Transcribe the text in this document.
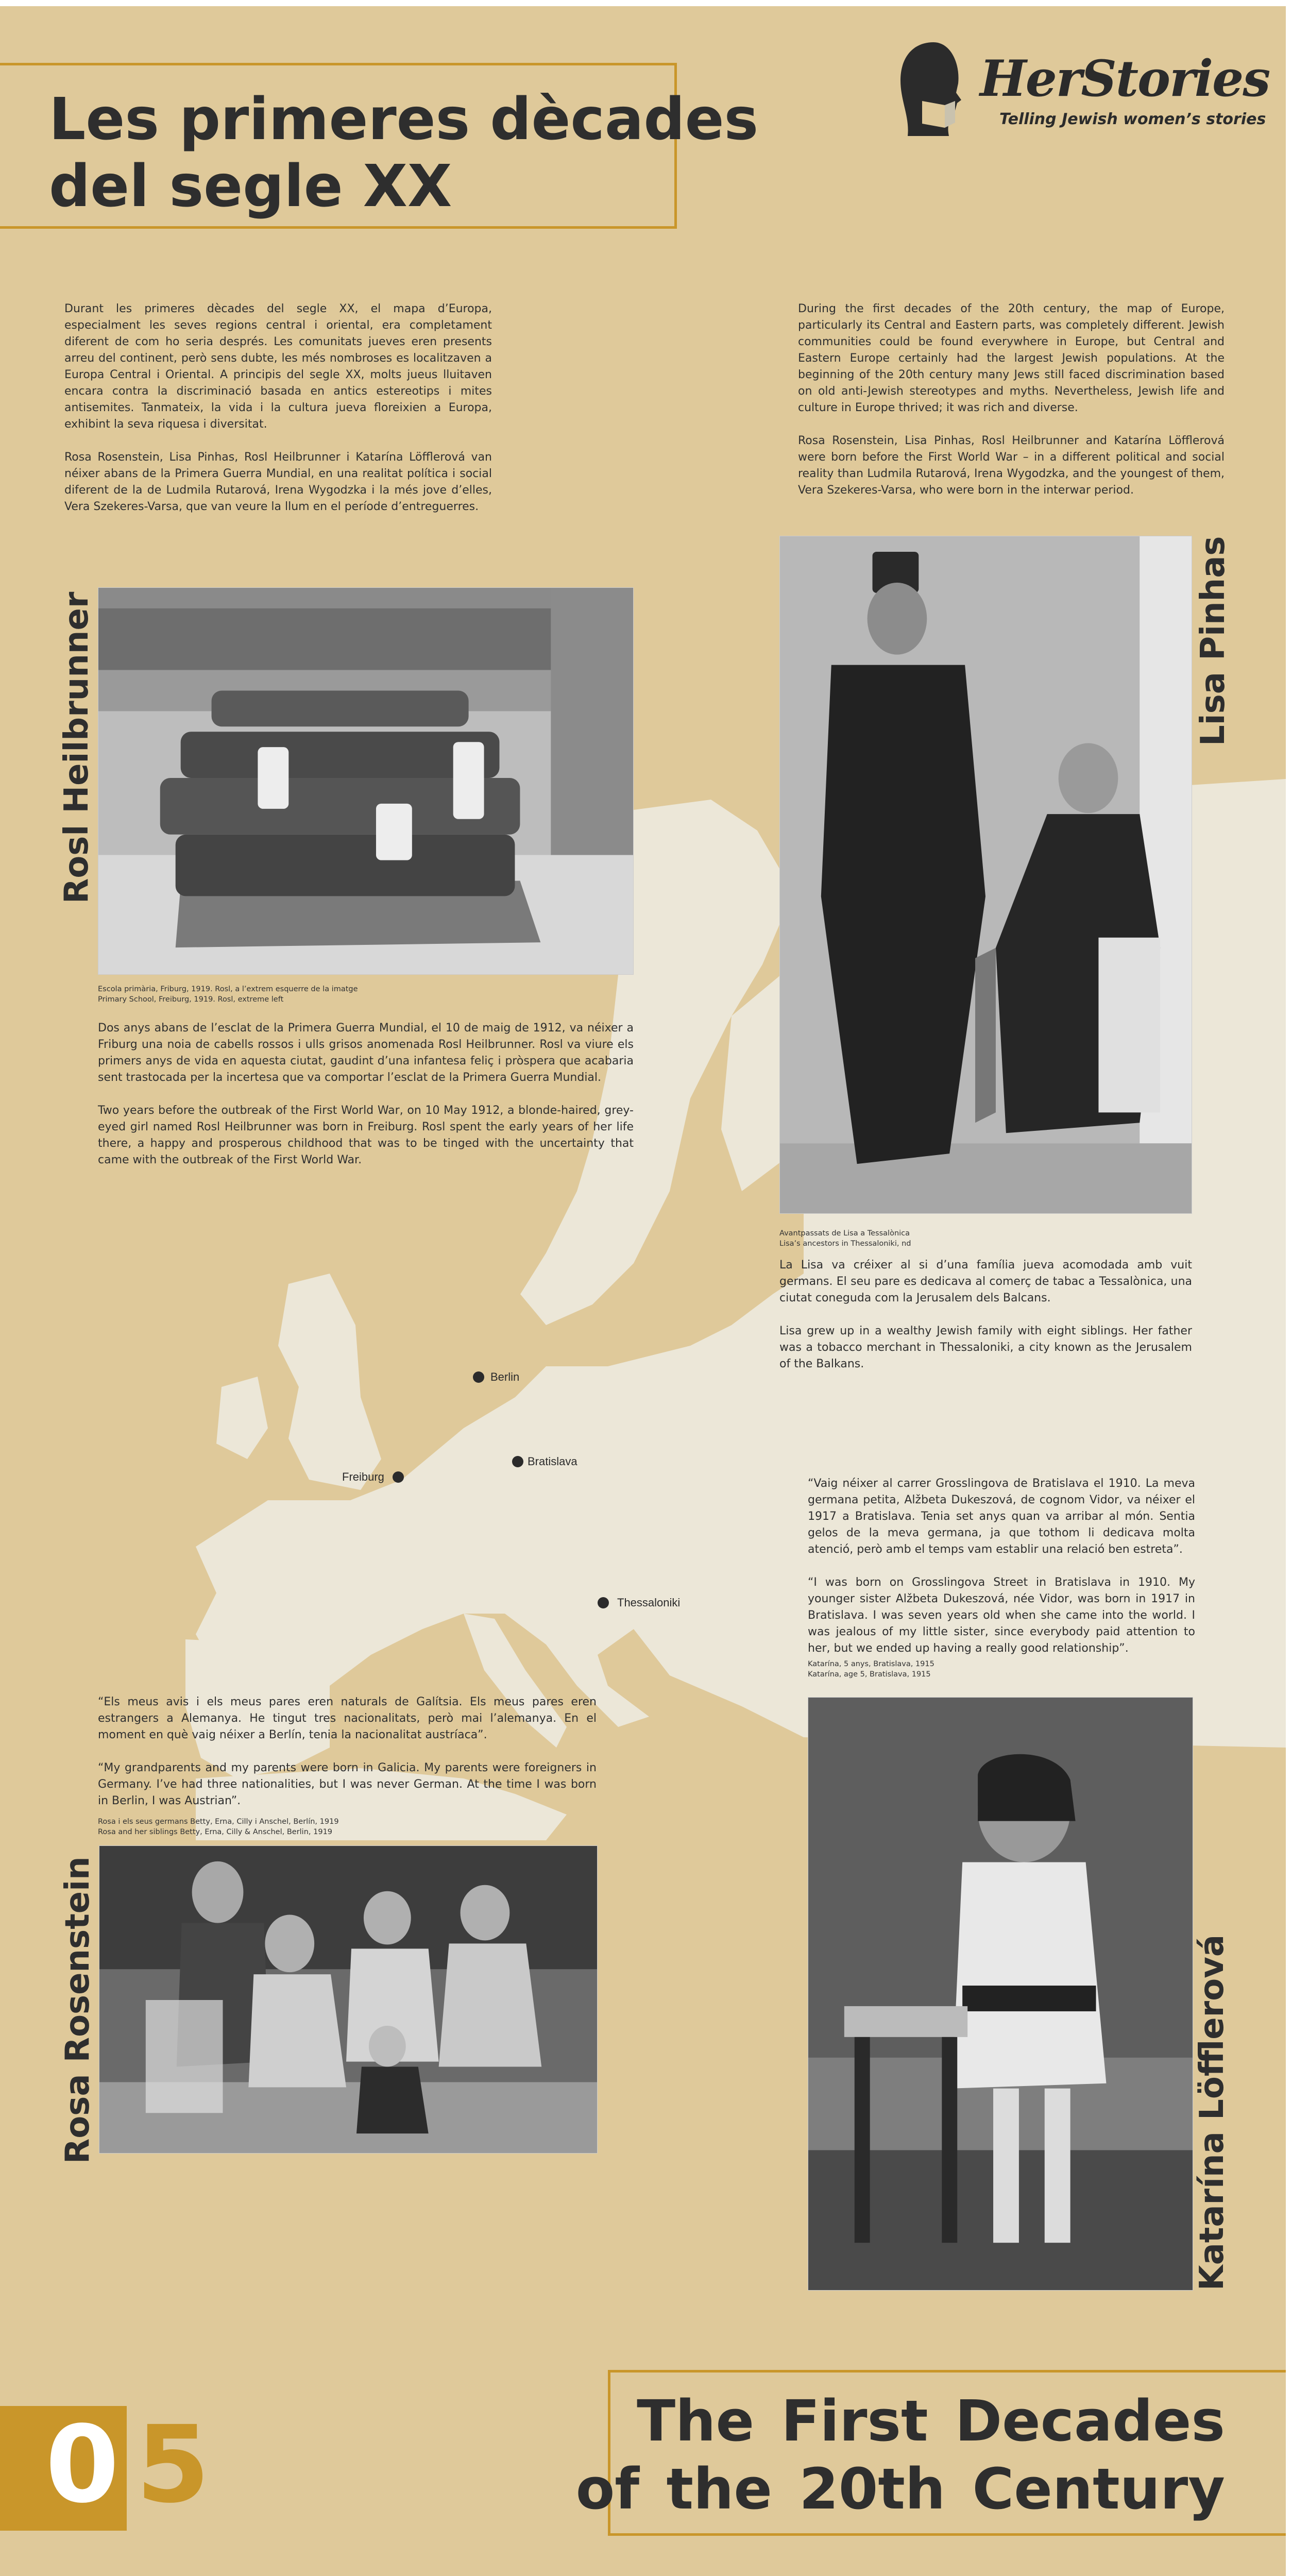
Les primeres dècades
del segle XX
HerStories
Telling Jewish women’s stories

Durant les primeres dècades del segle XX, el mapa d’Europa, especialment les seves regions central i oriental, era completament diferent de com ho seria després. Les comunitats jueves eren presents arreu del continent, però sens dubte, les més nombroses es localitzaven a Europa Central i Oriental. A principis del segle XX, molts jueus lluitaven encara contra la discriminació basada en antics estereotips i mites antisemites. Tanmateix, la vida i la cultura jueva floreixien a Europa, exhibint la seva riquesa i diversitat.

Rosa Rosenstein, Lisa Pinhas, Rosl Heilbrunner i Katarína Löfflerová van néixer abans de la Primera Guerra Mundial, en una realitat política i social diferent de la de Ludmila Rutarová, Irena Wygodzka i la més jove d’elles, Vera Szekeres-Varsa, que van veure la llum en el període d’entreguerres.

During the first decades of the 20th century, the map of Europe, particularly its Central and Eastern parts, was completely different. Jewish communities could be found everywhere in Europe, but Central and Eastern Europe certainly had the largest Jewish populations. At the beginning of the 20th century many Jews still faced discrimination based on old anti-Jewish stereotypes and myths. Nevertheless, Jewish life and culture in Europe thrived; it was rich and diverse.

Rosa Rosenstein, Lisa Pinhas, Rosl Heilbrunner and Katarína Löfflerová were born before the First World War – in a different political and social reality than Ludmila Rutarová, Irena Wygodzka, and the youngest of them, Vera Szekeres-Varsa, who were born in the interwar period.

Rosl Heilbrunner
Escola primària, Friburg, 1919. Rosl, a l’extrem esquerre de la imatge
Primary School, Freiburg, 1919. Rosl, extreme left

Dos anys abans de l’esclat de la Primera Guerra Mundial, el 10 de maig de 1912, va néixer a Friburg una noia de cabells rossos i ulls grisos anomenada Rosl Heilbrunner. Rosl va viure els primers anys de vida en aquesta ciutat, gaudint d’una infantesa feliç i pròspera que acabaria sent trastocada per la incertesa que va comportar l’esclat de la Primera Guerra Mundial.

Two years before the outbreak of the First World War, on 10 May 1912, a blonde-haired, grey-eyed girl named Rosl Heilbrunner was born in Freiburg. Rosl spent the early years of her life there, a happy and prosperous childhood that was to be tinged with the uncertainty that came with the outbreak of the First World War.

Lisa Pinhas
Avantpassats de Lisa a Tessalònica
Lisa’s ancestors in Thessaloniki, nd

La Lisa va créixer al si d’una família jueva acomodada amb vuit germans. El seu pare es dedicava al comerç de tabac a Tessalònica, una ciutat coneguda com la Jerusalem dels Balcans.

Lisa grew up in a wealthy Jewish family with eight siblings. Her father was a tobacco merchant in Thessaloniki, a city known as the Jerusalem of the Balkans.

Berlin
Bratislava
Freiburg
Thessaloniki

“Vaig néixer al carrer Grosslingova de Bratislava el 1910. La meva germana petita, Alžbeta Dukeszová, de cognom Vidor, va néixer el 1917 a Bratislava. Tenia set anys quan va arribar al món. Sentia gelos de la meva germana, ja que tothom li dedicava molta atenció, però amb el temps vam establir una relació ben estreta”.

“I was born on Grosslingova Street in Bratislava in 1910. My younger sister Alžbeta Dukeszová, née Vidor, was born in 1917 in Bratislava. I was seven years old when she came into the world. I was jealous of my little sister, since everybody paid attention to her, but we ended up having a really good relationship”.

Katarína, 5 anys, Bratislava, 1915
Katarína, age 5, Bratislava, 1915
Katarína Löfflerová

“Els meus avis i els meus pares eren naturals de Galítsia. Els meus pares eren estrangers a Alemanya. He tingut tres nacionalitats, però mai l’alemanya. En el moment en què vaig néixer a Berlín, tenia la nacionalitat austríaca”.

“My grandparents and my parents were born in Galicia. My parents were foreigners in Germany. I’ve had three nationalities, but I was never German. At the time I was born in Berlin, I was Austrian”.

Rosa i els seus germans Betty, Erna, Cilly i Anschel, Berlín, 1919
Rosa and her siblings Betty, Erna, Cilly & Anschel, Berlin, 1919
Rosa Rosenstein
The First Decades
of the 20th Century
0 5
